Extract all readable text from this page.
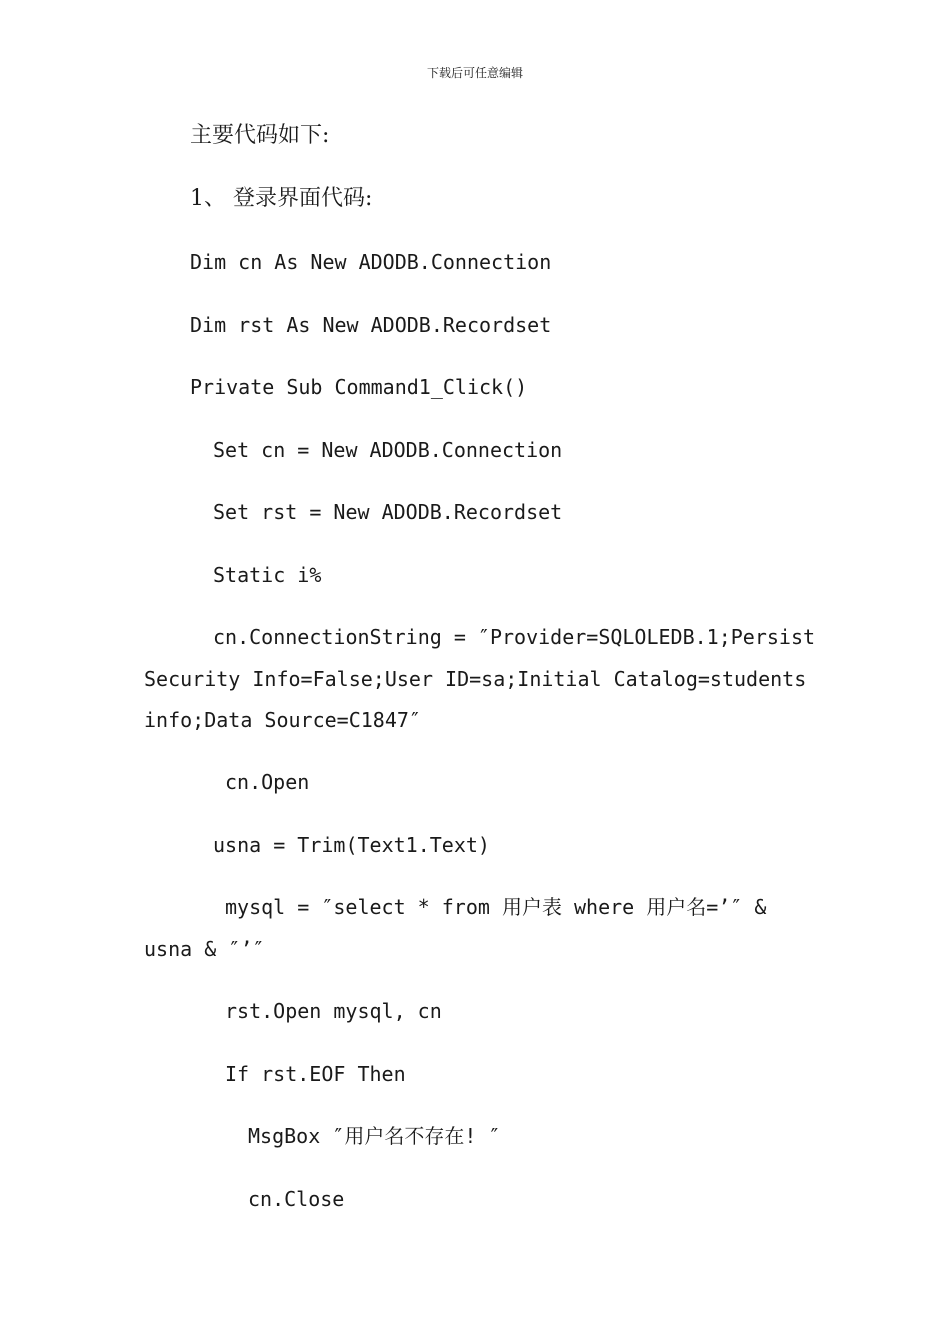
下载后可任意编辑
主要代码如下:
1、 登录界面代码:
Dim cn As New ADODB.Connection
Dim rst As New ADODB.Recordset
Private Sub Command1_Click()
Set cn = New ADODB.Connection
Set rst = New ADODB.Recordset
Static i%
cn.ConnectionString = ″Provider=SQLOLEDB.1;Persist
Security Info=False;User ID=sa;Initial Catalog=students
info;Data Source=C1847″
cn.Open
usna = Trim(Text1.Text)
mysql = ″select * from 用户表 where 用户名=’″ &
usna & ″’″
rst.Open mysql, cn
If rst.EOF Then
MsgBox ″用户名不存在! ″
cn.Close
